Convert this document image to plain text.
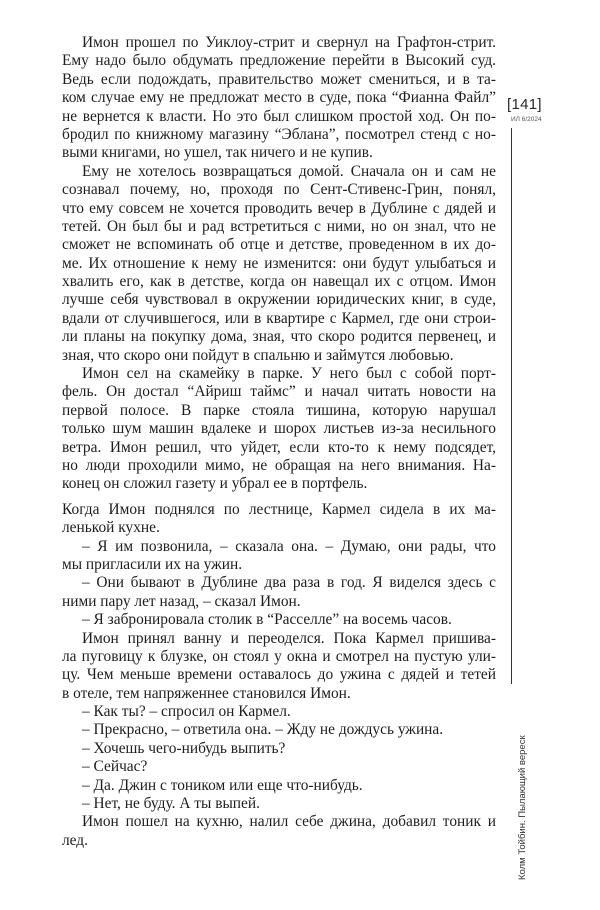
Имон прошел по Уиклоу-стрит и свернул на Графтон-стрит.
Ему надо было обдумать предложение перейти в Высокий суд.
Ведь если подождать, правительство может смениться, и в та-
ком случае ему не предложат место в суде, пока “Фианна Файл”
не вернется к власти. Но это был слишком простой ход. Он по-
бродил по книжному магазину “Эблана”, посмотрел стенд с но-
выми книгами, но ушел, так ничего и не купив.
Ему не хотелось возвращаться домой. Сначала он и сам не
сознавал почему, но, проходя по Сент-Стивенс-Грин, понял,
что ему совсем не хочется проводить вечер в Дублине с дядей и
тетей. Он был бы и рад встретиться с ними, но он знал, что не
сможет не вспоминать об отце и детстве, проведенном в их до-
ме. Их отношение к нему не изменится: они будут улыбаться и
хвалить его, как в детстве, когда он навещал их с отцом. Имон
лучше себя чувствовал в окружении юридических книг, в суде,
вдали от случившегося, или в квартире с Кармел, где они строи-
ли планы на покупку дома, зная, что скоро родится первенец, и
зная, что скоро они пойдут в спальню и займутся любовью.
Имон сел на скамейку в парке. У него был с собой порт-
фель. Он достал “Айриш таймс” и начал читать новости на
первой полосе. В парке стояла тишина, которую нарушал
только шум машин вдалеке и шорох листьев из-за несильного
ветра. Имон решил, что уйдет, если кто-то к нему подсядет,
но люди проходили мимо, не обращая на него внимания. На-
конец он сложил газету и убрал ее в портфель.
Когда Имон поднялся по лестнице, Кармел сидела в их ма-
ленькой кухне.
– Я им позвонила, – сказала она. – Думаю, они рады, что
мы пригласили их на ужин.
– Они бывают в Дублине два раза в год. Я виделся здесь с
ними пару лет назад, – сказал Имон.
– Я забронировала столик в “Расселле” на восемь часов.
Имон принял ванну и переоделся. Пока Кармел пришива-
ла пуговицу к блузке, он стоял у окна и смотрел на пустую ули-
цу. Чем меньше времени оставалось до ужина с дядей и тетей
в отеле, тем напряженнее становился Имон.
– Как ты? – спросил он Кармел.
– Прекрасно, – ответила она. – Жду не дождусь ужина.
– Хочешь чего-нибудь выпить?
– Сейчас?
– Да. Джин с тоником или еще что-нибудь.
– Нет, не буду. А ты выпей.
Имон пошел на кухню, налил себе джина, добавил тоник и
лед.
[141]
ИЛ 6/2024
Колм Тойбин. Пылающий вереск
